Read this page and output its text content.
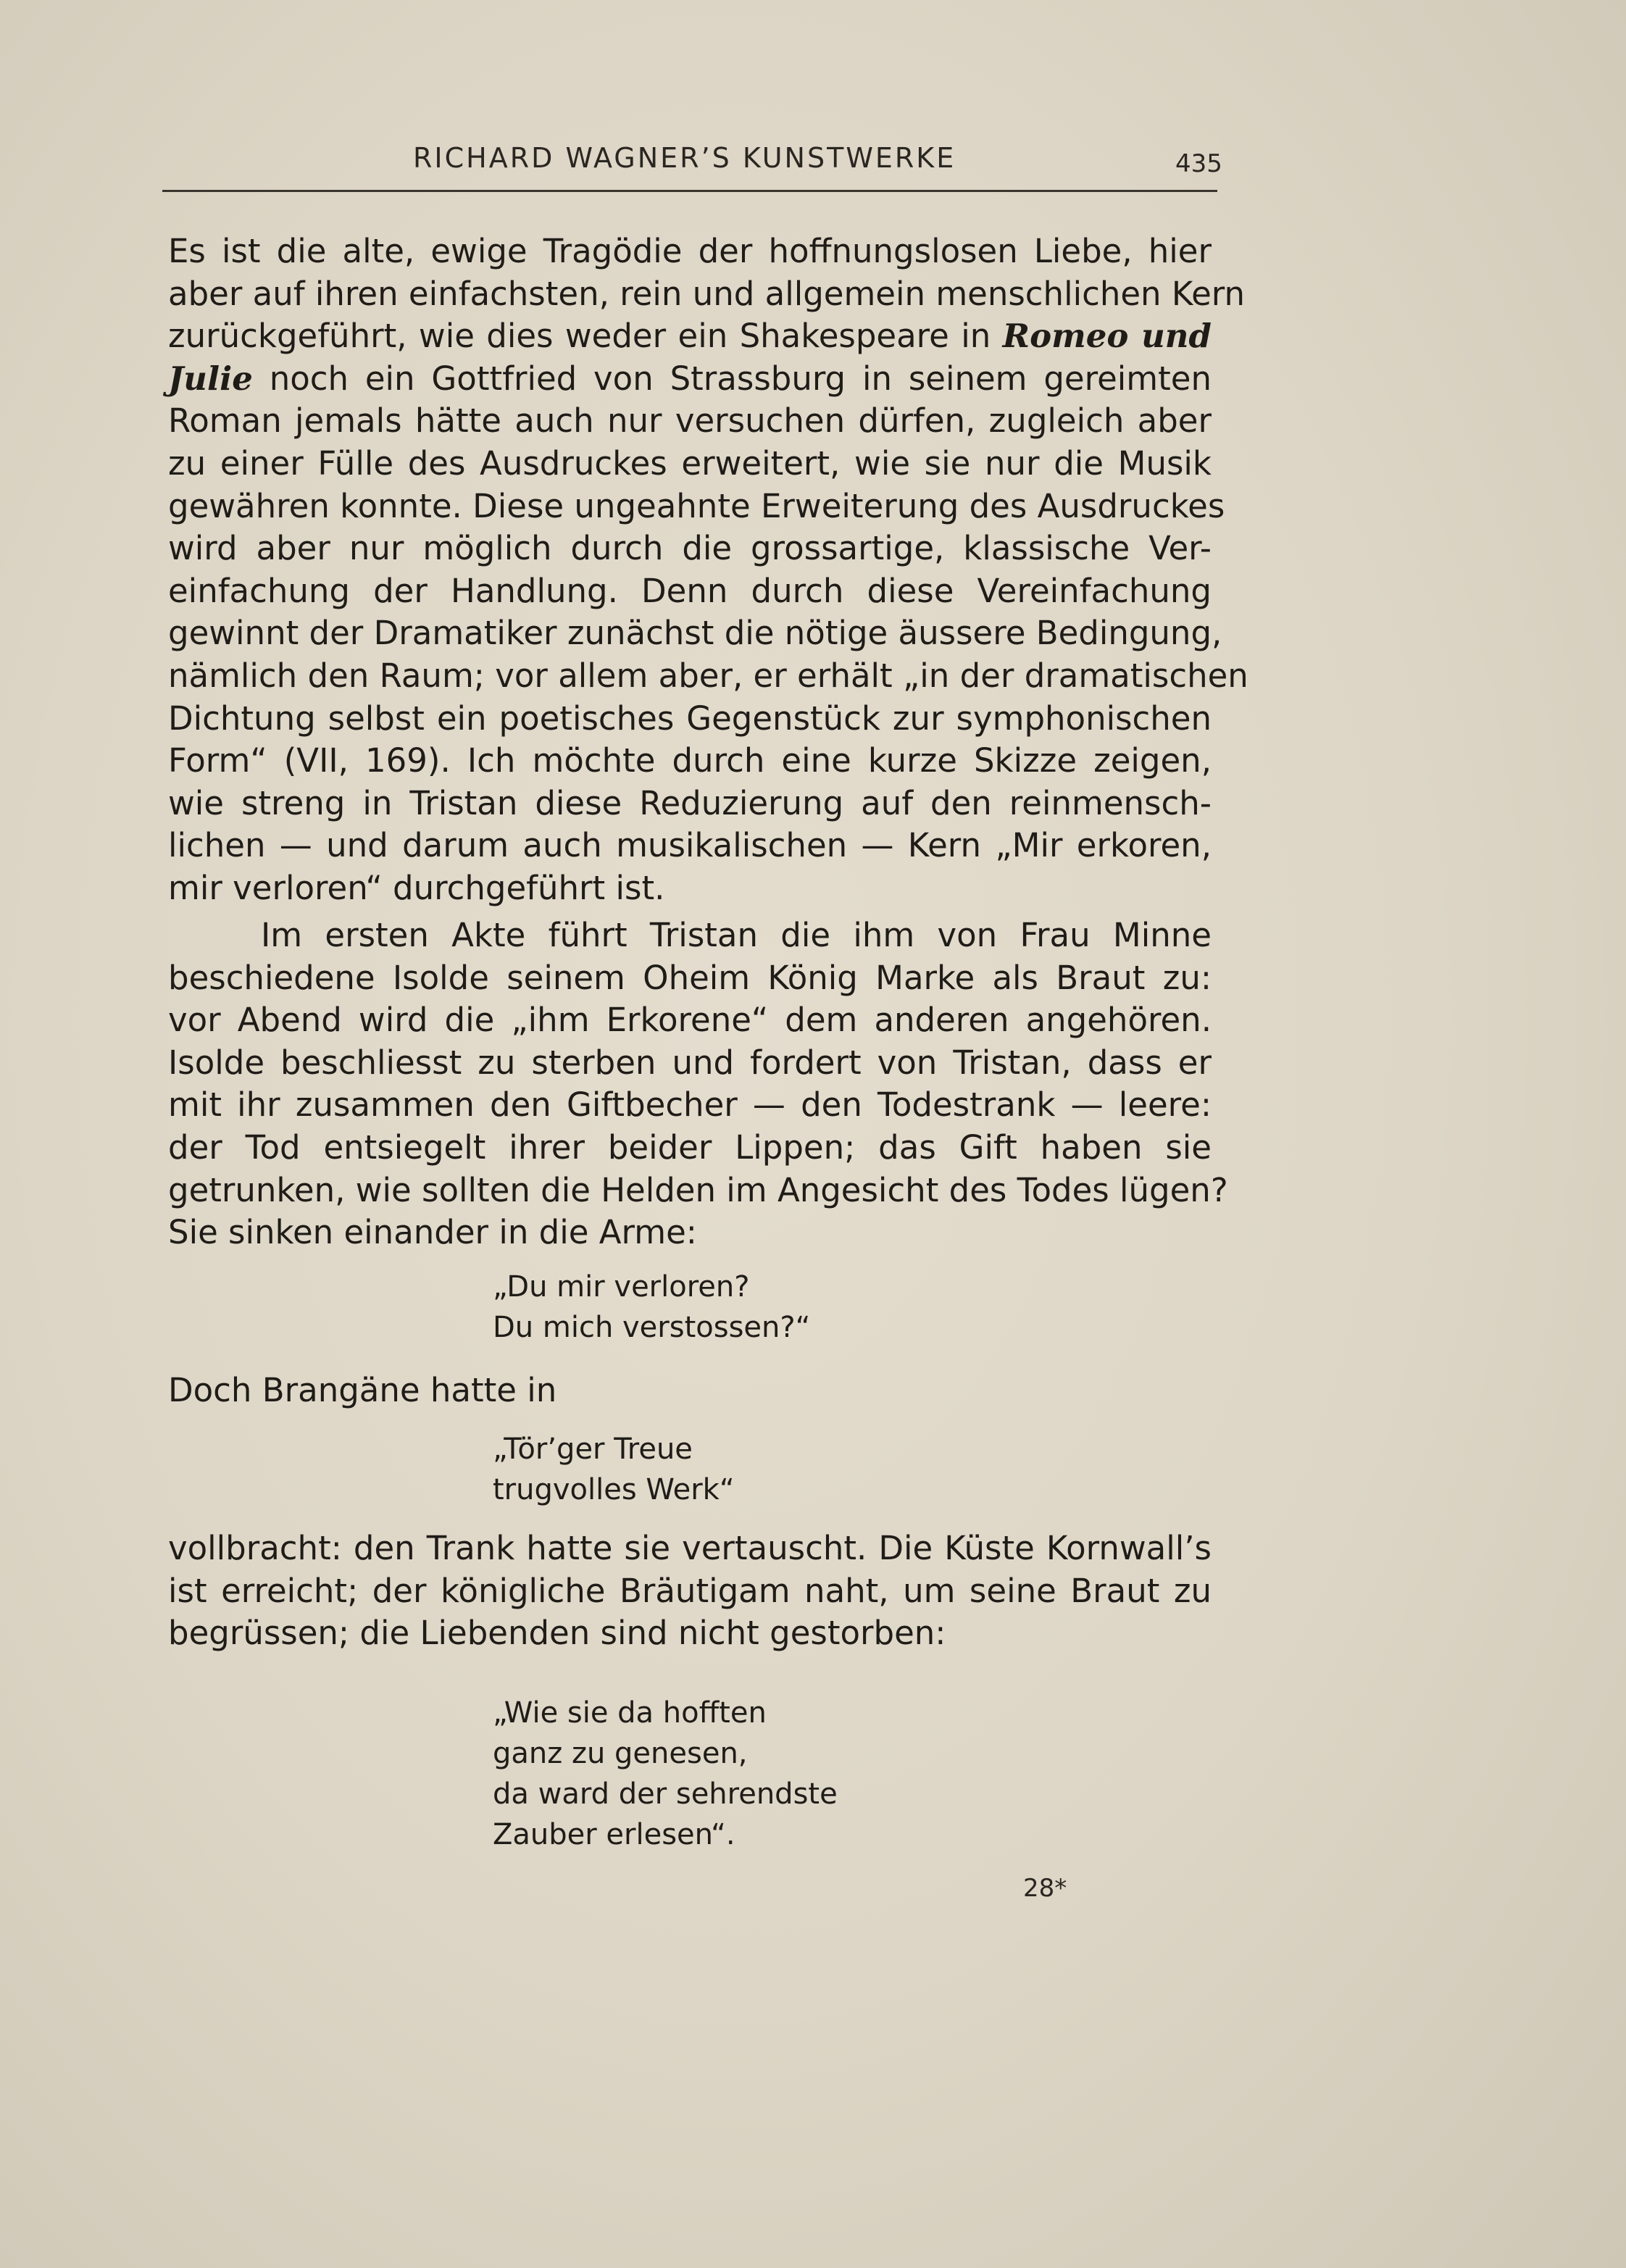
RICHARD WAGNER’S KUNSTWERKE	435
Es ist die alte, ewige Tragödie der hoffnungslosen Liebe, hier
aber auf ihren einfachsten, rein und allgemein menschlichen Kern
zurückgeführt, wie dies weder ein Shakespeare in Romeo und
Julie noch ein Gottfried von Strassburg in seinem gereimten
Roman jemals hätte auch nur versuchen dürfen, zugleich aber
zu einer Fülle des Ausdruckes erweitert, wie sie nur die Musik
gewähren konnte. Diese ungeahnte Erweiterung des Ausdruckes
wird aber nur möglich durch die grossartige, klassische Ver-
einfachung der Handlung. Denn durch diese Vereinfachung
gewinnt der Dramatiker zunächst die nötige äussere Bedingung,
nämlich den Raum; vor allem aber, er erhält „in der dramatischen
Dichtung selbst ein poetisches Gegenstück zur symphonischen
Form“ (VII, 169). Ich möchte durch eine kurze Skizze zeigen,
wie streng in Tristan diese Reduzierung auf den reinmensch-
lichen — und darum auch musikalischen — Kern „Mir erkoren,
mir verloren“ durchgeführt ist.
Im ersten Akte führt Tristan die ihm von Frau Minne
beschiedene Isolde seinem Oheim König Marke als Braut zu:
vor Abend wird die „ihm Erkorene“ dem anderen angehören.
Isolde beschliesst zu sterben und fordert von Tristan, dass er
mit ihr zusammen den Giftbecher — den Todestrank — leere:
der Tod entsiegelt ihrer beider Lippen; das Gift haben sie
getrunken, wie sollten die Helden im Angesicht des Todes lügen?
Sie sinken einander in die Arme:
„Du mir verloren?
Du mich verstossen?“
Doch Brangäne hatte in
„Tör’ger Treue
trugvolles Werk“
vollbracht: den Trank hatte sie vertauscht. Die Küste Kornwall’s
ist erreicht; der königliche Bräutigam naht, um seine Braut zu
begrüssen; die Liebenden sind nicht gestorben:
„Wie sie da hofften
ganz zu genesen,
da ward der sehrendste
Zauber erlesen“.
28*
